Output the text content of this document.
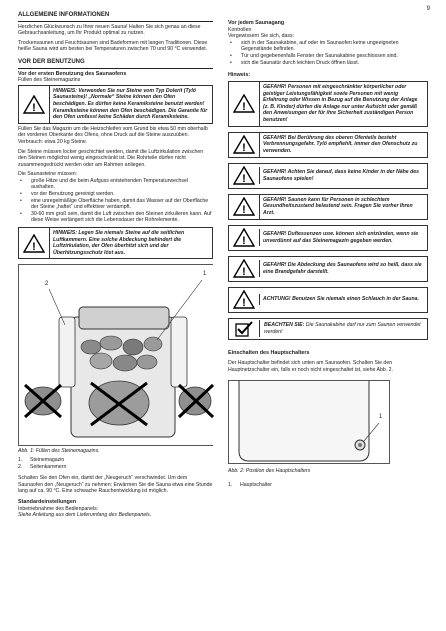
9
ALLGEMEINE INFORMATIONEN

Herzlichen Glückwunsch zu Ihrer neuen Sauna! Halten Sie sich genau an diese Gebrauchsanleitung, um Ihr Produkt optimal zu nutzen.

Trockensaunen und Feuchtsaunen sind Badeformen mit langen Traditionen. Diese heiße Sauna wird am besten bei Temperaturen zwischen 70 und 90 °C verwendet.

VOR DER BENUTZUNG
Vor der ersten Benutzung des Saunaofens
Füllen des Steinemagazins
!
HINWEIS: Verwenden Sie nur Steine vom Typ Dolerit (Tylö Saunasteine)! „Normale“ Steine können den Ofen beschädigen. Es dürfen keine Keramiksteine benutzt werden! Keramiksteine können den Ofen beschädigen. Die Garantie für den Ofen umfasst keine Schäden durch Keramiksteine.

Füllen Sie das Magazin um die Heizschleifen vom Grund bis etwa 50 mm oberhalb der vorderen Oberkante des Ofens, ohne Druck auf die Steine auszuüben. Verbrauch: etwa 20 kg Steine.

Die Steine müssen locker geschichtet werden, damit die Luftzirkulation zwischen den Steinen möglichst wenig eingeschränkt ist. Die Rohrteile dürfen nicht zusammengedrückt werden oder am Rahmen anliegen.

Die Saunasteine müssen:
• große Hitze und die beim Aufguss entstehenden Temperaturwechsel aushalten.
• vor der Benutzung gereinigt werden.
• eine unregelmäßige Oberfläche haben, damit das Wasser auf der Oberfläche der Steine „haftet“ und effektiver verdampft.
• 30-60 mm groß sein, damit die Luft zwischen den Steinen zirkulieren kann. Auf diese Weise verlängert sich die Lebensdauer der Rohrelemente.
!
HINWEIS: Legen Sie niemals Steine auf die seitlichen Luftkammern. Eine solche Abdeckung behindert die Luftzirkulation, der Ofen überhitzt sich und der Überhitzungsschutz löst aus.
1
2
Abb. 1: Füllen des Steinemagazins.
1.	Steinemagazin
2.	Seitenkammern

Schalten Sie den Ofen ein, damit der „Neugeruch“ verschwindet. Um dem Saunaofen den „Neugeruch“ zu nehmen: Erwärmen Sie die Sauna etwa eine Stunde lang auf ca. 90 °C. Eine schwache Rauchentwicklung ist möglich.

Standardeinstellungen
Inbetriebnahme des Bedienpanels:
Siehe Anleitung aus dem Lieferumfang des Bedienpanels.
Vor jedem Saunagang
Kontrollen
Vergewissern Sie sich, dass:
• sich in der Saunakabine, auf oder im Saunaofen keine ungeeigneten Gegenstände befinden.
• Tür und gegebenenfalls Fenster der Saunakabine geschlossen sind.
• sich die Saunatür durch leichten Druck öffnen lässt.
Hinweis:
!
GEFAHR! Personen mit eingeschränkter körperlicher oder geistiger Leistungsfähigkeit sowie Personen mit wenig Erfahrung oder Wissen in Bezug auf die Benutzung der Anlage (z. B. Kinder) dürfen die Anlage nur unter Aufsicht oder gemäß den Anweisungen der für ihre Sicherheit zuständigen Person benutzen!
!
GEFAHR! Bei Berührung des oberen Ofenteils besteht Verbrennungsgefahr. Tylö empfiehlt, immer den Ofenschutz zu verwenden.
!
GEFAHR! Achten Sie darauf, dass keine Kinder in der Nähe des Saunaofens spielen!
!
GEFAHR! Saunen kann für Personen in schlechtem Gesundheitszustand belastend sein. Fragen Sie vorher Ihren Arzt.
!
GEFAHR! Duftessenzen usw. können sich entzünden, wenn sie unverdünnt auf das Steinemagazin gegeben werden.
!
GEFAHR! Die Abdeckung des Saunaofens wird so heiß, dass sie eine Brandgefahr darstellt.
!	ACHTUNG! Benutzen Sie niemals einen Schlauch in der Sauna.
BEACHTEN SIE: Die Saunakabine darf nur zum Saunen verwendet werden!
Einschalten des Hauptschalters

Der Hauptschalter befindet sich unten am Saunaofen. Schalten Sie den Hauptnetzschalter ein, falls er noch nicht eingeschaltet ist, siehe Abb. 2.

1
Abb. 2: Position des Hauptschalters
1.	Hauptschalter
